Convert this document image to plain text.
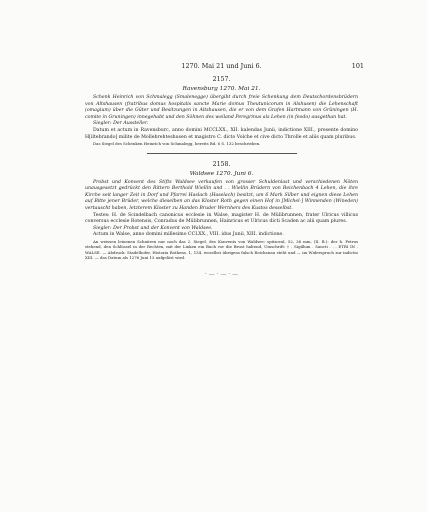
1270. Mai 21 und Juni 6.	101
2157.
Ravensburg 1270. Mai 21.

Schenk Heinrich von Schmalegg (Smalenegge) übergibt durch freie Schenkung dem Deutschordensbrüdern von Altshausen (fratribus domus hospitalis sancte Marie domus Theutunicorum in Alshusen) die Lehenschaft (omagium) über die Güter und Besitzungen in Altshausen, die er von dem Grafen Hartmann von Grüningen (H. comite in Gruningen) innegehabt und den Söhnen des weiland Peregrinus als Lehen (in feodo) ausgethan hat.

Siegler: Der Aussteller.

Datum et actum in Ravensburc, anno domini MCCLXX., XII. kalendas Junii, indictione XIII., presente domino H[iltebrando] milite de Mollebrehteshusen et magistro C. dicto Volche et cive dicto Throlle et aliis quam pluribus.

Das Siegel des Schenken Heinrich von Schmalegg, bereits Bd. 6 S. 132 beschrieben.

2158.
Waldsee 1270. Juni 6.

Probst und Konvent des Stifts Waldsee verkaufen von grosser Schuldenlast und verschiedenen Nöten unausgesetzt gedrückt den Rittern Berthold Wiellin und . . Wiellin Brüdern von Reichenbach 4 Lehen, die ihre Kirche seit langer Zeit in Dorf und Pfarrei Haslach (Haselach) besitzt, um 6 Mark Silber und eignen diese Lehen auf Bitte jener Brüder, welche dieselben an das Kloster Roth gegen einen Hof in [Michel-] Winnenden (Wineden) vertauscht haben, letzterem Kloster zu Handen Bruder Wernhers des Kustos desselbst.

Testes: H. de Scindelbach canonicus ecclesie in Walse, magister H. de Mülibrunnen, frater Ulricus villicus conversus ecclesie Rotensis, Conradus de Mülibrunnen, Hainricus et Ulricus dicti Scaden ac alii quam plures.

Siegler: Der Probst und der Konvent von Waldsee.

Actum in Walse, anno domini millesimo CCLXX., VIII. idus Junii, XIII. indictione.

An weissen leinenen Schnüren nur noch das 2. Siegel, des Konvents von Waldsee: spitzoval, 52, 36 mm, (II. B.): der h. Petrus stehend, den Schlüssel in der Rechten, mit der Linken ein Buch vor die Brust haltend, Umschrift: † . Sigillum . Sancti . . . ETRI IN . WALSE. — Abdruck: Stadelhofer, Historia Rothens. 1, 134, woselbst übrigens falsch Reichenau steht und — im Widerspruch zur indictio XIII. — das Datum als 1276 Juni 13 aufgelöst wird.

· — · — · —
